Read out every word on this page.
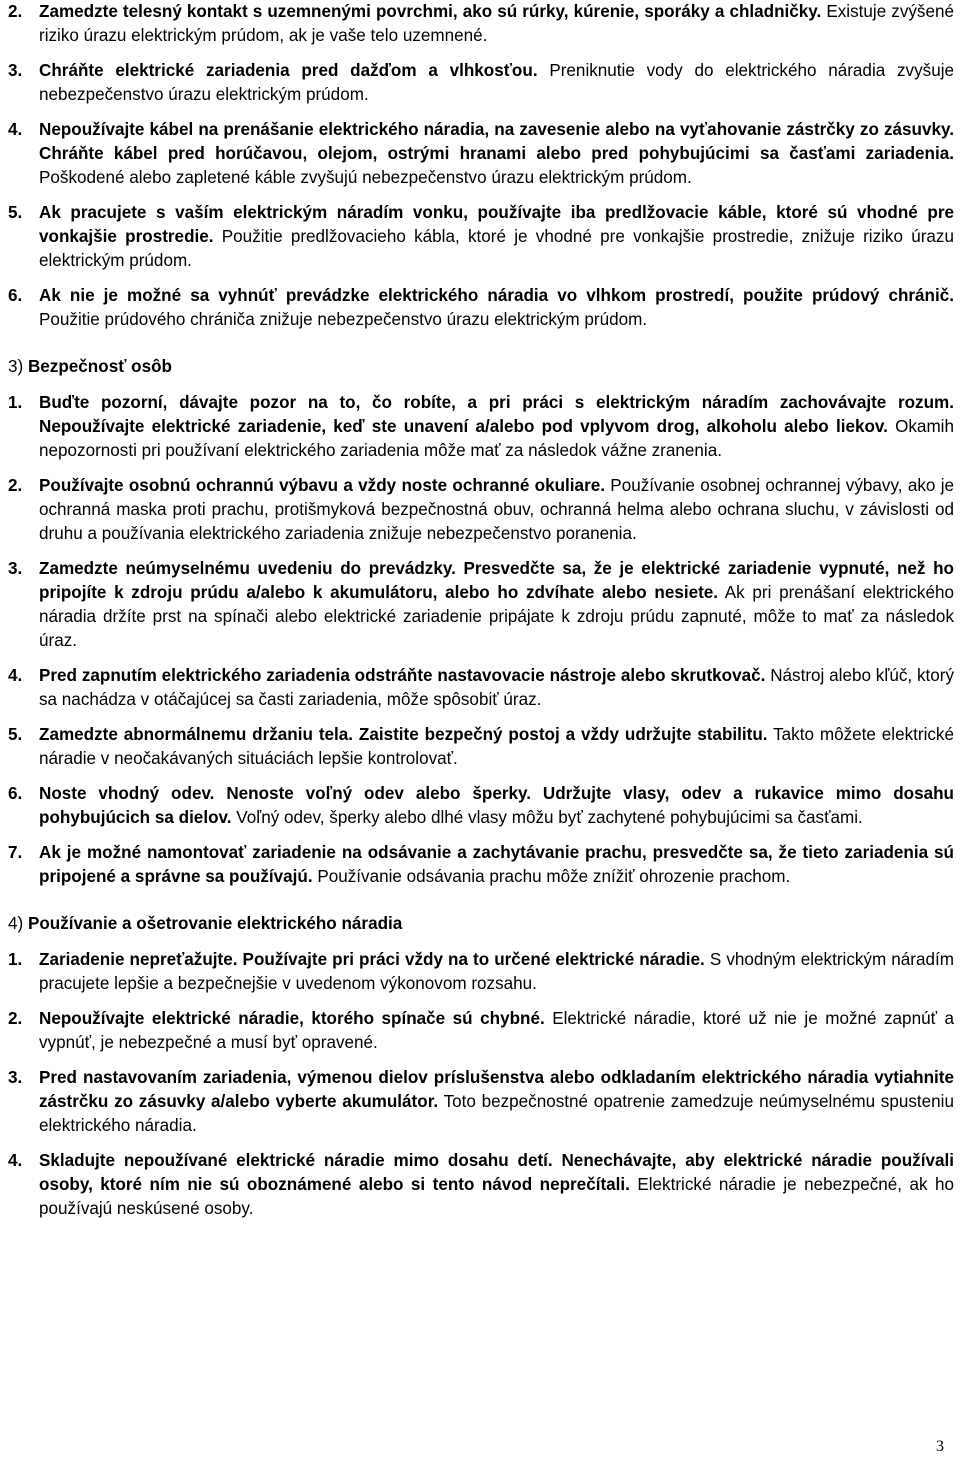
2. Zamedzte telesný kontakt s uzemnenými povrchmi, ako sú rúrky, kúrenie, sporáky a chladničky. Existuje zvýšené riziko úrazu elektrickým prúdom, ak je vaše telo uzemnené.
3. Chráňte elektrické zariadenia pred dažďom a vlhkosťou. Preniknutie vody do elektrického náradia zvyšuje nebezpečenstvo úrazu elektrickým prúdom.
4. Nepoužívajte kábel na prenášanie elektrického náradia, na zavesenie alebo na vyťahovanie zástrčky zo zásuvky. Chráňte kábel pred horúčavou, olejom, ostrými hranami alebo pred pohybujúcimi sa časťami zariadenia. Poškodené alebo zapletené káble zvyšujú nebezpečenstvo úrazu elektrickým prúdom.
5. Ak pracujete s vaším elektrickým náradím vonku, používajte iba predlžovacie káble, ktoré sú vhodné pre vonkajšie prostredie. Použitie predlžovacieho kábla, ktoré je vhodné pre vonkajšie prostredie, znižuje riziko úrazu elektrickým prúdom.
6. Ak nie je možné sa vyhnúť prevádzke elektrického náradia vo vlhkom prostredí, použite prúdový chránič. Použitie prúdového chrániča znižuje nebezpečenstvo úrazu elektrickým prúdom.
3) Bezpečnosť osôb
1. Buďte pozorní, dávajte pozor na to, čo robíte, a pri práci s elektrickým náradím zachovávajte rozum. Nepoužívajte elektrické zariadenie, keď ste unavení a/alebo pod vplyvom drog, alkoholu alebo liekov. Okamih nepozornosti pri používaní elektrického zariadenia môže mať za následok vážne zranenia.
2. Používajte osobnú ochrannú výbavu a vždy noste ochranné okuliare. Používanie osobnej ochrannej výbavy, ako je ochranná maska proti prachu, protišmyková bezpečnostná obuv, ochranná helma alebo ochrana sluchu, v závislosti od druhu a používania elektrického zariadenia znižuje nebezpečenstvo poranenia.
3. Zamedzte neúmyselnému uvedeniu do prevádzky. Presvedčte sa, že je elektrické zariadenie vypnuté, než ho pripojíte k zdroju prúdu a/alebo k akumulátoru, alebo ho zdvíhate alebo nesiete. Ak pri prenášaní elektrického náradia držíte prst na spínači alebo elektrické zariadenie pripájate k zdroju prúdu zapnuté, môže to mať za následok úraz.
4. Pred zapnutím elektrického zariadenia odstráňte nastavovacie nástroje alebo skrutkovač. Nástroj alebo kľúč, ktorý sa nachádza v otáčajúcej sa časti zariadenia, môže spôsobiť úraz.
5. Zamedzte abnormálnemu držaniu tela. Zaistite bezpečný postoj a vždy udržujte stabilitu. Takto môžete elektrické náradie v neočakávaných situáciách lepšie kontrolovať.
6. Noste vhodný odev. Nenoste voľný odev alebo šperky. Udržujte vlasy, odev a rukavice mimo dosahu pohybujúcich sa dielov. Voľný odev, šperky alebo dlhé vlasy môžu byť zachytené pohybujúcimi sa časťami.
7. Ak je možné namontovať zariadenie na odsávanie a zachytávanie prachu, presvedčte sa, že tieto zariadenia sú pripojené a správne sa používajú. Používanie odsávania prachu môže znížiť ohrozenie prachom.
4) Používanie a ošetrovanie elektrického náradia
1. Zariadenie nepreťažujte. Používajte pri práci vždy na to určené elektrické náradie. S vhodným elektrickým náradím pracujete lepšie a bezpečnejšie v uvedenom výkonovom rozsahu.
2. Nepoužívajte elektrické náradie, ktorého spínače sú chybné. Elektrické náradie, ktoré už nie je možné zapnúť a vypnúť, je nebezpečné a musí byť opravené.
3. Pred nastavovaním zariadenia, výmenou dielov príslušenstva alebo odkladaním elektrického náradia vytiahnite zástrčku zo zásuvky a/alebo vyberte akumulátor. Toto bezpečnostné opatrenie zamedzuje neúmyselnému spusteniu elektrického náradia.
4. Skladujte nepoužívané elektrické náradie mimo dosahu detí. Nenechávajte, aby elektrické náradie používali osoby, ktoré ním nie sú oboznámené alebo si tento návod neprečítali. Elektrické náradie je nebezpečné, ak ho používajú neskúsené osoby.
3
